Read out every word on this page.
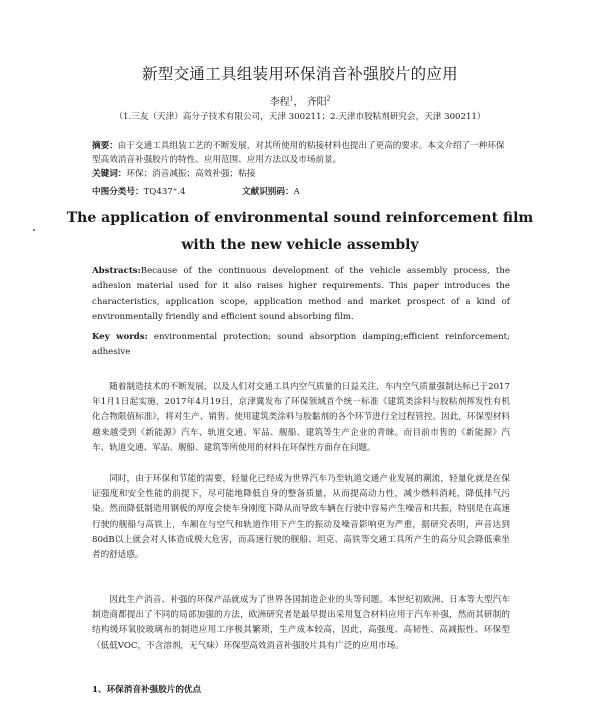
新型交通工具组装用环保消音补强胶片的应用
李程$^1$， 齐阳$^2$
（1.三友（天津）高分子技术有限公司，天津 300211；2.天津市胶粘剂研究会，天津 300211）
摘要：由于交通工具组装工艺的不断发展，对其所使用的粘接材料也提出了更高的要求。本文介绍了一种环保型高效消音补强胶片的特性、应用范围、应用方法以及市场前景。
关键词：环保；消音减振；高效补强；粘接
中图分类号：TQ437⁺.4	文献识别码：A
The application of environmental sound reinforcement film
with the new vehicle assembly
Abstracts:Because of the continuous development of the vehicle assembly process, the adhesion material used for it also raises higher requirements. This paper introduces the characteristics, application scope, application method and market prospect of a kind of environmentally friendly and efficient sound absorbing film.
Key words: environmental protection; sound absorption damping;efficient reinforcement; adhesive
随着制造技术的不断发展，以及人们对交通工具内空气质量的日益关注，车内空气质量强制达标已于2017年1月1日起实施，2017年4月19日，京津冀发布了环保领域首个统一标准《建筑类涂料与胶粘剂挥发性有机化合物限值标准》，将对生产、销售、使用建筑类涂料与胶黏剂的各个环节进行全过程管控。因此，环保型材料越来越受到《新能源》汽车、轨道交通、军品、舰船、建筑等生产企业的青睐。而目前市售的《新能源》汽车、轨道交通、军品、舰船、建筑等所使用的材料在环保性方面存在问题。
同时，由于环保和节能的需要，轻量化已经成为世界汽车乃至轨道交通产业发展的潮流，轻量化就是在保证强度和安全性能的前提下，尽可能地降低自身的整备质量，从而提高动力性，减少燃料消耗，降低排气污染。然而降低制造用钢板的厚度会使车身刚度下降从而导致车辆在行驶中容易产生噪音和共振，特别是在高速行驶的舰船与高铁上，车厢在与空气和轨道作用下产生的振动及噪音影响更为严重，据研究表明，声音达到80dB以上就会对人体造成极大危害，而高速行驶的舰船、坦克、高铁等交通工具所产生的高分贝会降低乘坐者的舒适感。
因此生产消音、补强的环保产品就成为了世界各国制造企业的头等问题。本世纪初欧洲、日本等大型汽车制造商都提出了不同的局部加强的方法，欧洲研究者是最早提出采用复合材料应用于汽车补强，然而其研制的结构缓环氧胶玻璃布的制造应用工序极其繁琐，生产成本较高，因此，高强度、高韧性、高减振性、环保型（低低VOC，不含溶剂，无气味）环保型高效消音补强胶片具有广泛的应用市场。
1、环保消音补强胶片的优点
